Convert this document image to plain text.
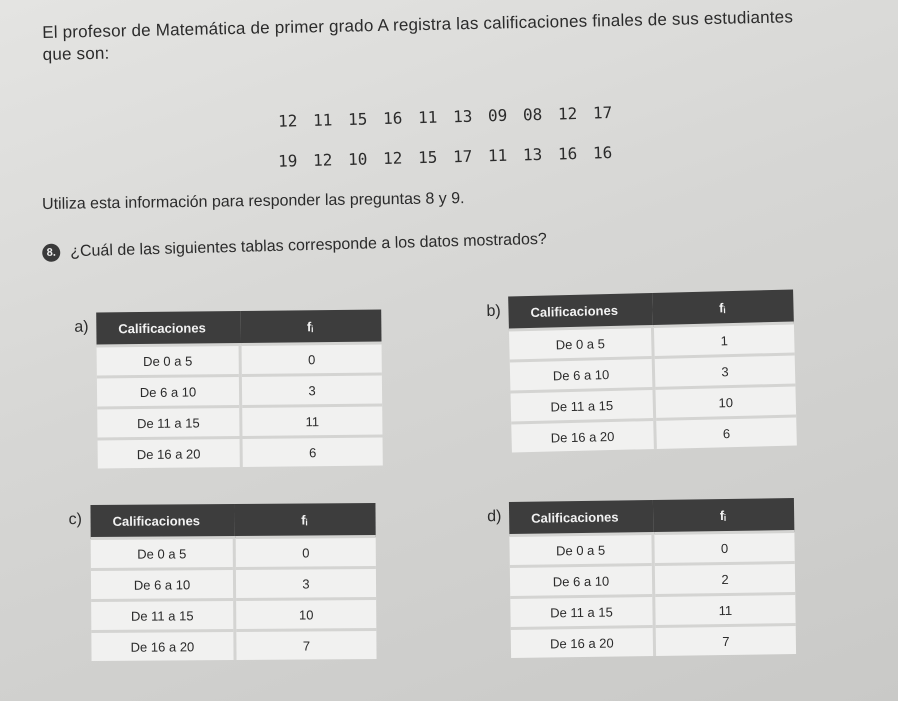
El profesor de Matemática de primer grado A registra las calificaciones finales de sus estudiantes
que son:
12 11 15 16 11 13 09 08 12 17
19 12 10 12 15 17 11 13 16 16
Utiliza esta información para responder las preguntas 8 y 9.
8. ¿Cuál de las siguientes tablas corresponde a los datos mostrados?
a) Calificaciones	fᵢ
De 0 a 5	0
De 6 a 10	3
De 11 a 15	11
De 16 a 20	6
b) Calificaciones	fᵢ
De 0 a 5	1
De 6 a 10	3
De 11 a 15	10
De 16 a 20	6
c) Calificaciones	fᵢ
De 0 a 5	0
De 6 a 10	3
De 11 a 15	10
De 16 a 20	7
d) Calificaciones	fᵢ
De 0 a 5	0
De 6 a 10	2
De 11 a 15	11
De 16 a 20	7
